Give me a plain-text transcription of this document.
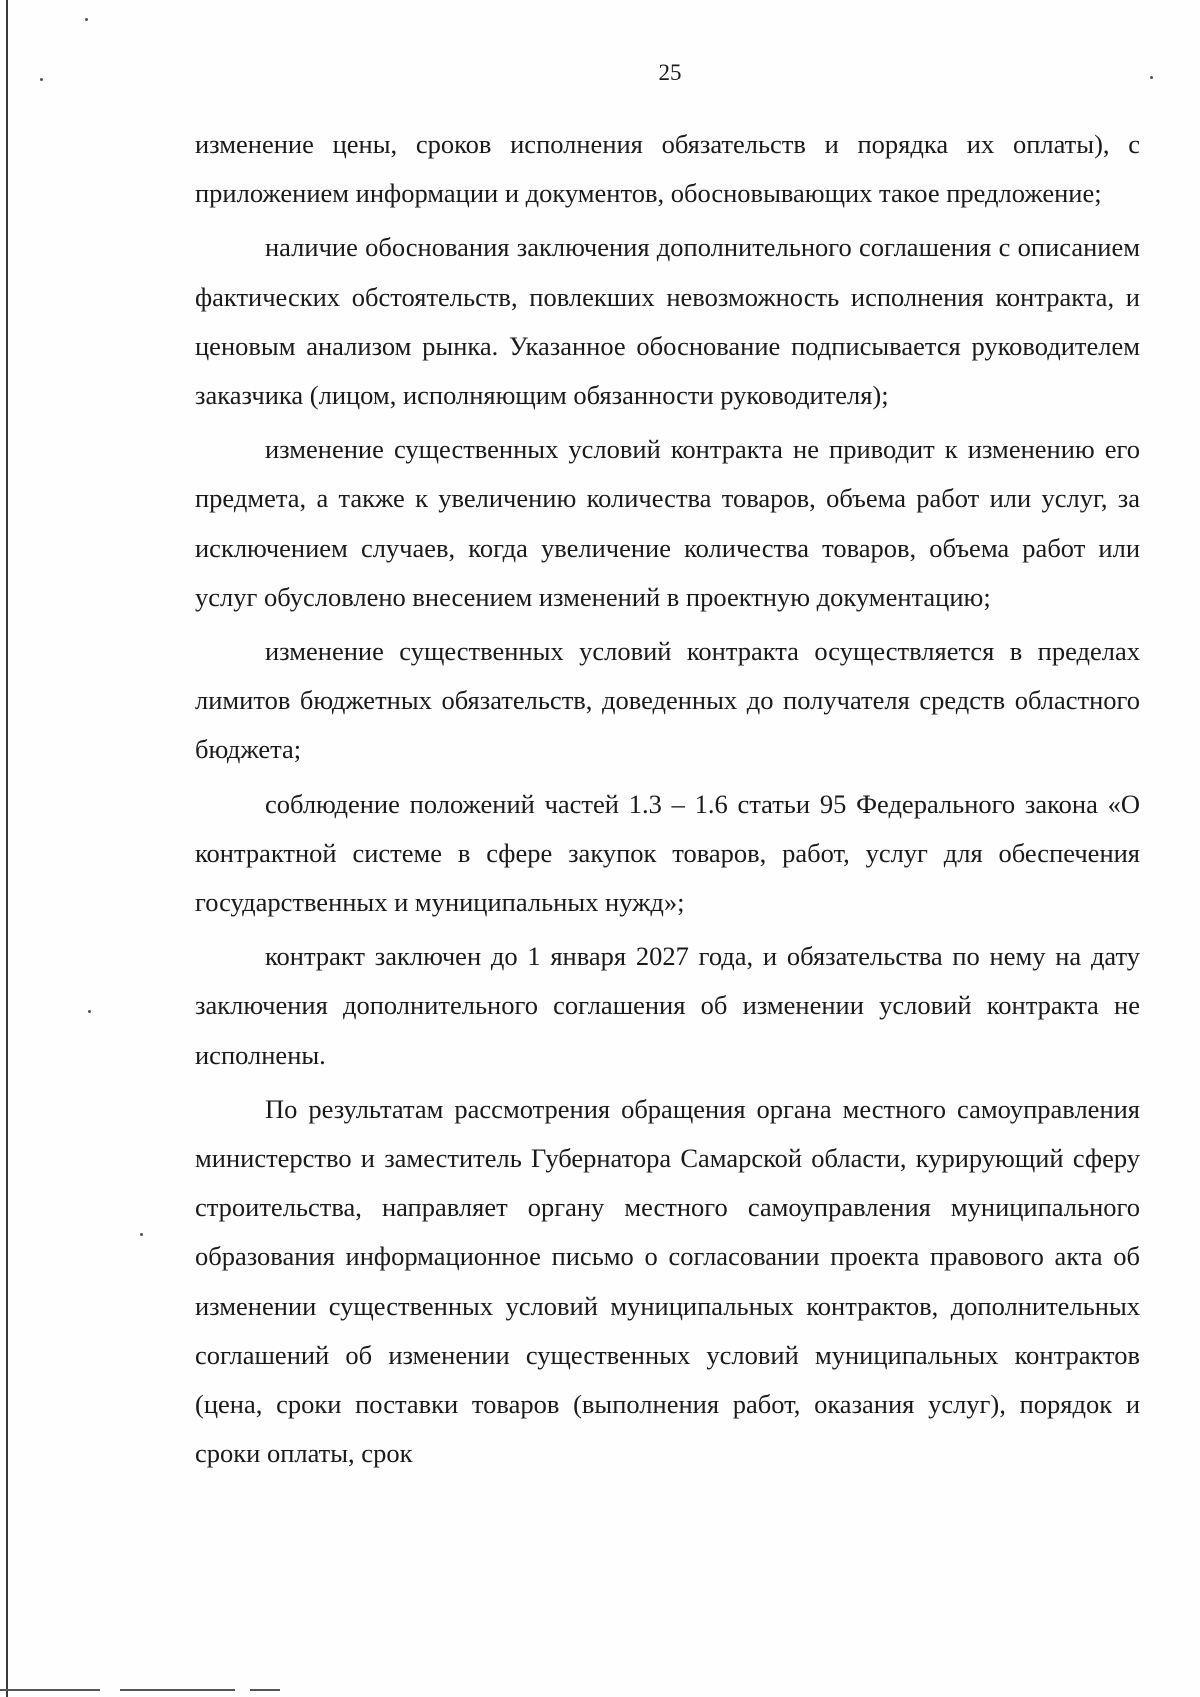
25

изменение цены, сроков исполнения обязательств и порядка их оплаты), с приложением информации и документов, обосновывающих такое предложение;

наличие обоснования заключения дополнительного соглашения с описанием фактических обстоятельств, повлекших невозможность исполнения контракта, и ценовым анализом рынка. Указанное обоснование подписывается руководителем заказчика (лицом, исполняющим обязанности руководителя);

изменение существенных условий контракта не приводит к изменению его предмета, а также к увеличению количества товаров, объема работ или услуг, за исключением случаев, когда увеличение количества товаров, объема работ или услуг обусловлено внесением изменений в проектную документацию;

изменение существенных условий контракта осуществляется в пределах лимитов бюджетных обязательств, доведенных до получателя средств областного бюджета;

соблюдение положений частей 1.3 – 1.6 статьи 95 Федерального закона «О контрактной системе в сфере закупок товаров, работ, услуг для обеспечения государственных и муниципальных нужд»;

контракт заключен до 1 января 2027 года, и обязательства по нему на дату заключения дополнительного соглашения об изменении условий контракта не исполнены.

По результатам рассмотрения обращения органа местного самоуправления министерство и заместитель Губернатора Самарской области, курирующий сферу строительства, направляет органу местного самоуправления муниципального образования информационное письмо о согласовании проекта правового акта об изменении существенных условий муниципальных контрактов, дополнительных соглашений об изменении существенных условий муниципальных контрактов (цена, сроки поставки товаров (выполнения работ, оказания услуг), порядок и сроки оплаты, срок
